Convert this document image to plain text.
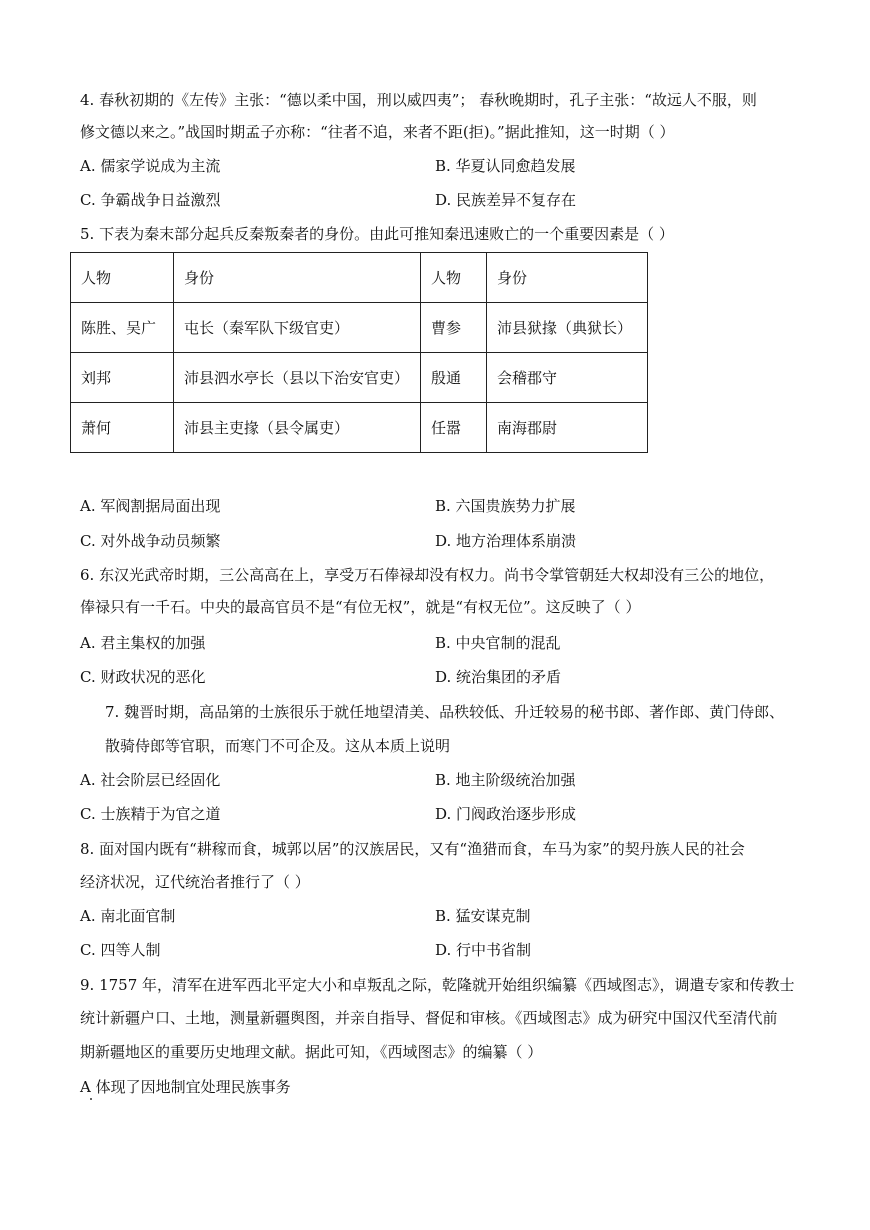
4. 春秋初期的《左传》主张：“德以柔中国，刑以威四夷”； 春秋晚期时，孔子主张：“故远人不服，则
修文德以来之。”战国时期孟子亦称：“往者不追，来者不距(拒)。”据此推知，这一时期（ ）
A. 儒家学说成为主流	B. 华夏认同愈趋发展
C. 争霸战争日益激烈	D. 民族差异不复存在
5. 下表为秦末部分起兵反秦叛秦者的身份。由此可推知秦迅速败亡的一个重要因素是（ ）
人物	身份	人物	身份
陈胜、吴广	屯长（秦军队下级官吏）	曹参	沛县狱掾（典狱长）
刘邦	沛县泗水亭长（县以下治安官吏）	殷通	会稽郡守
萧何	沛县主吏掾（县令属吏）	任嚣	南海郡尉
A. 军阀割据局面出现	B. 六国贵族势力扩展
C. 对外战争动员频繁	D. 地方治理体系崩溃
6. 东汉光武帝时期，三公高高在上，享受万石俸禄却没有权力。尚书令掌管朝廷大权却没有三公的地位，
俸禄只有一千石。中央的最高官员不是“有位无权”，就是“有权无位”。这反映了（ ）
A. 君主集权的加强	B. 中央官制的混乱
C. 财政状况的恶化	D. 统治集团的矛盾
7. 魏晋时期，高品第的士族很乐于就任地望清美、品秩较低、升迁较易的秘书郎、著作郎、黄门侍郎、
散骑侍郎等官职，而寒门不可企及。这从本质上说明
A. 社会阶层已经固化	B. 地主阶级统治加强
C. 士族精于为官之道	D. 门阀政治逐步形成
8. 面对国内既有“耕稼而食，城郭以居”的汉族居民，又有“渔猎而食，车马为家”的契丹族人民的社会
经济状况，辽代统治者推行了（ ）
A. 南北面官制	B. 猛安谋克制
C. 四等人制	D. 行中书省制
9. 1757 年，清军在进军西北平定大小和卓叛乱之际，乾隆就开始组织编纂《西域图志》，调遣专家和传教士
统计新疆户口、土地，测量新疆舆图，并亲自指导、督促和审核。《西域图志》成为研究中国汉代至清代前
期新疆地区的重要历史地理文献。据此可知，《西域图志》的编纂（ ）
A 体现了因地制宜处理民族事务
